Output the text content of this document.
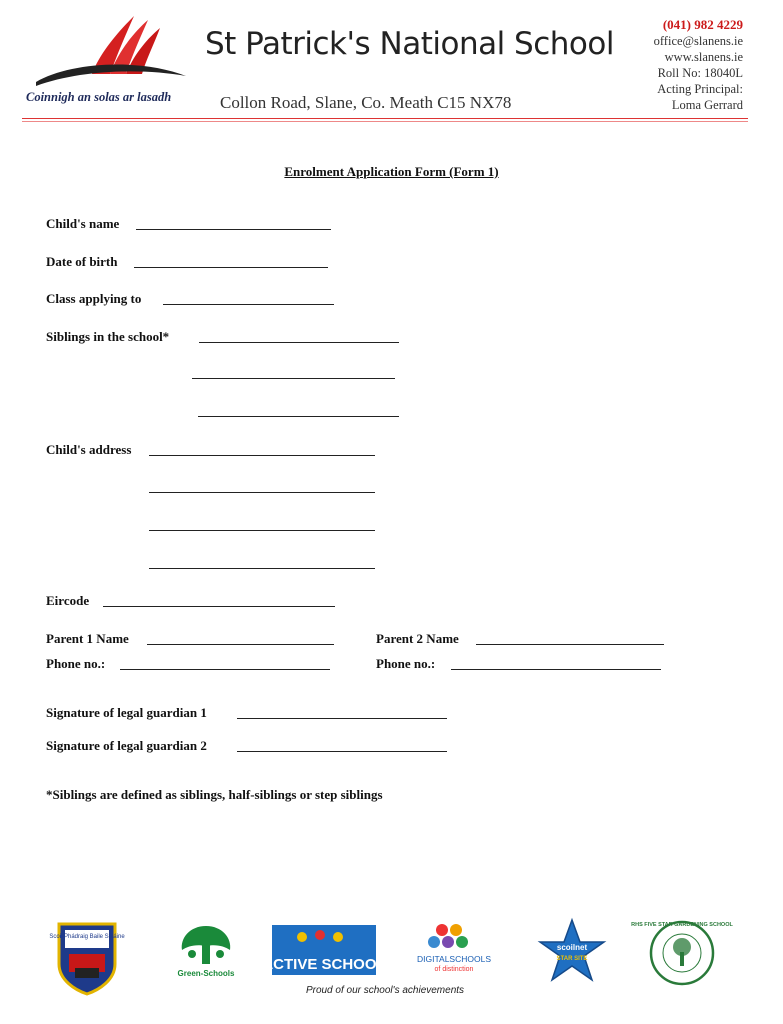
Coinnigh an solas ar lasadh
St Patrick's National School
Collon Road, Slane, Co. Meath C15 NX78
(041) 982 4229
office@slanens.ie
www.slanens.ie
Roll No: 18040L
Acting Principal:
Loma Gerrard
Enrolment Application Form (Form 1)
Child's name
Date of birth
Class applying to
Siblings in the school*
Child's address
Eircode
Parent 1 Name	Parent 2 Name
Phone no.:	Phone no.:
Signature of legal guardian 1
Signature of legal guardian 2
*Siblings are defined as siblings, half-siblings or step siblings
Scoil Phádraig Baile Shláine
Green-Schools
ACTIVE SCHOOL	DIGITALSCHOOLS
of distinction
scoilnet
STAR SITE
RHS FIVE STAR GARDENING SCHOOL
Proud of our school's achievements
